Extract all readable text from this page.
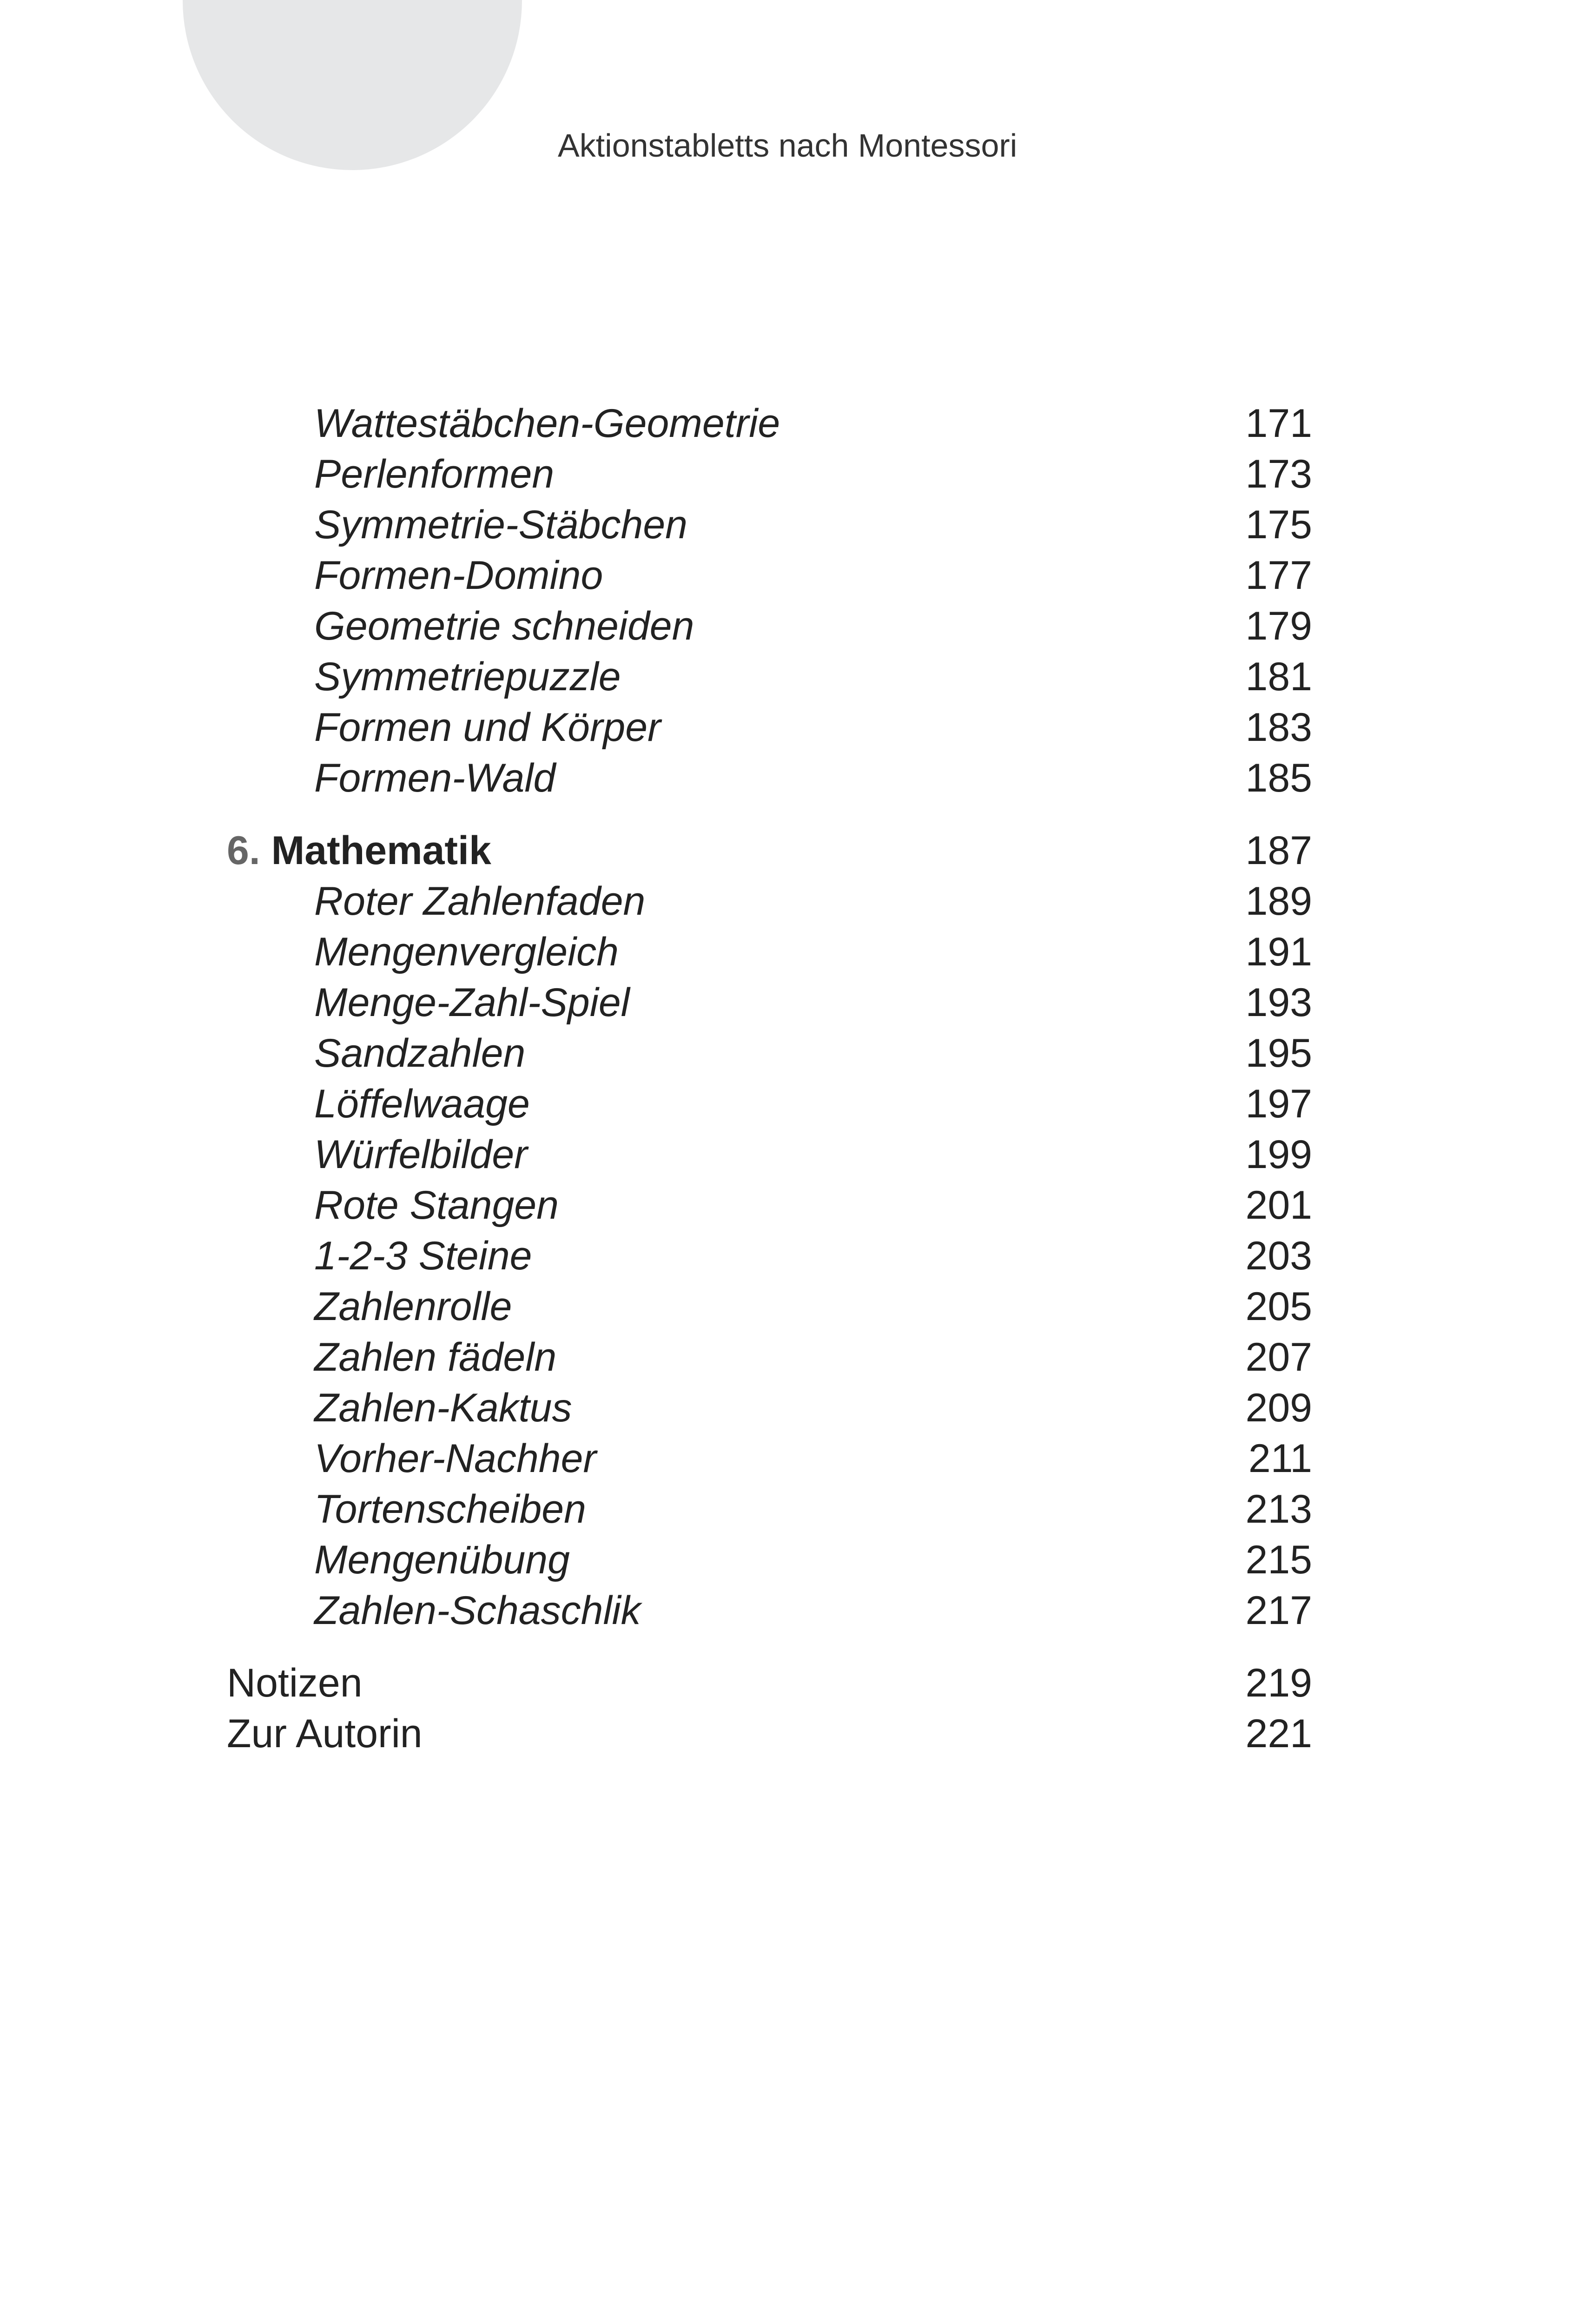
Aktionstabletts nach Montessori
Wattestäbchen-Geometrie	171
Perlenformen	173
Symmetrie-Stäbchen	175
Formen-Domino	177
Geometrie schneiden	179
Symmetriepuzzle	181
Formen und Körper	183
Formen-Wald	185
6. Mathematik	187
Roter Zahlenfaden	189
Mengenvergleich	191
Menge-Zahl-Spiel	193
Sandzahlen	195
Löffelwaage	197
Würfelbilder	199
Rote Stangen	201
1-2-3 Steine	203
Zahlenrolle	205
Zahlen fädeln	207
Zahlen-Kaktus	209
Vorher-Nachher	211
Tortenscheiben	213
Mengenübung	215
Zahlen-Schaschlik	217
Notizen	219
Zur Autorin	221
